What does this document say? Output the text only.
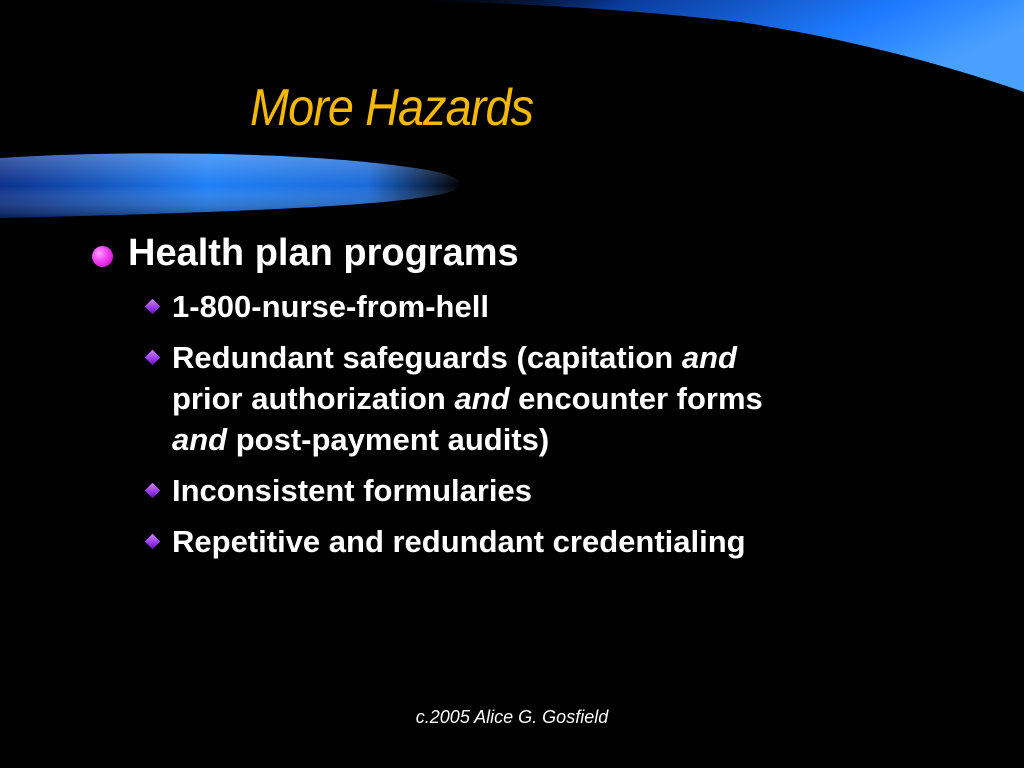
More Hazards
Health plan programs
1-800-nurse-from-hell
Redundant safeguards (capitation and
prior authorization and encounter forms
and post-payment audits)
Inconsistent formularies
Repetitive and redundant credentialing
c.2005 Alice G. Gosfield
